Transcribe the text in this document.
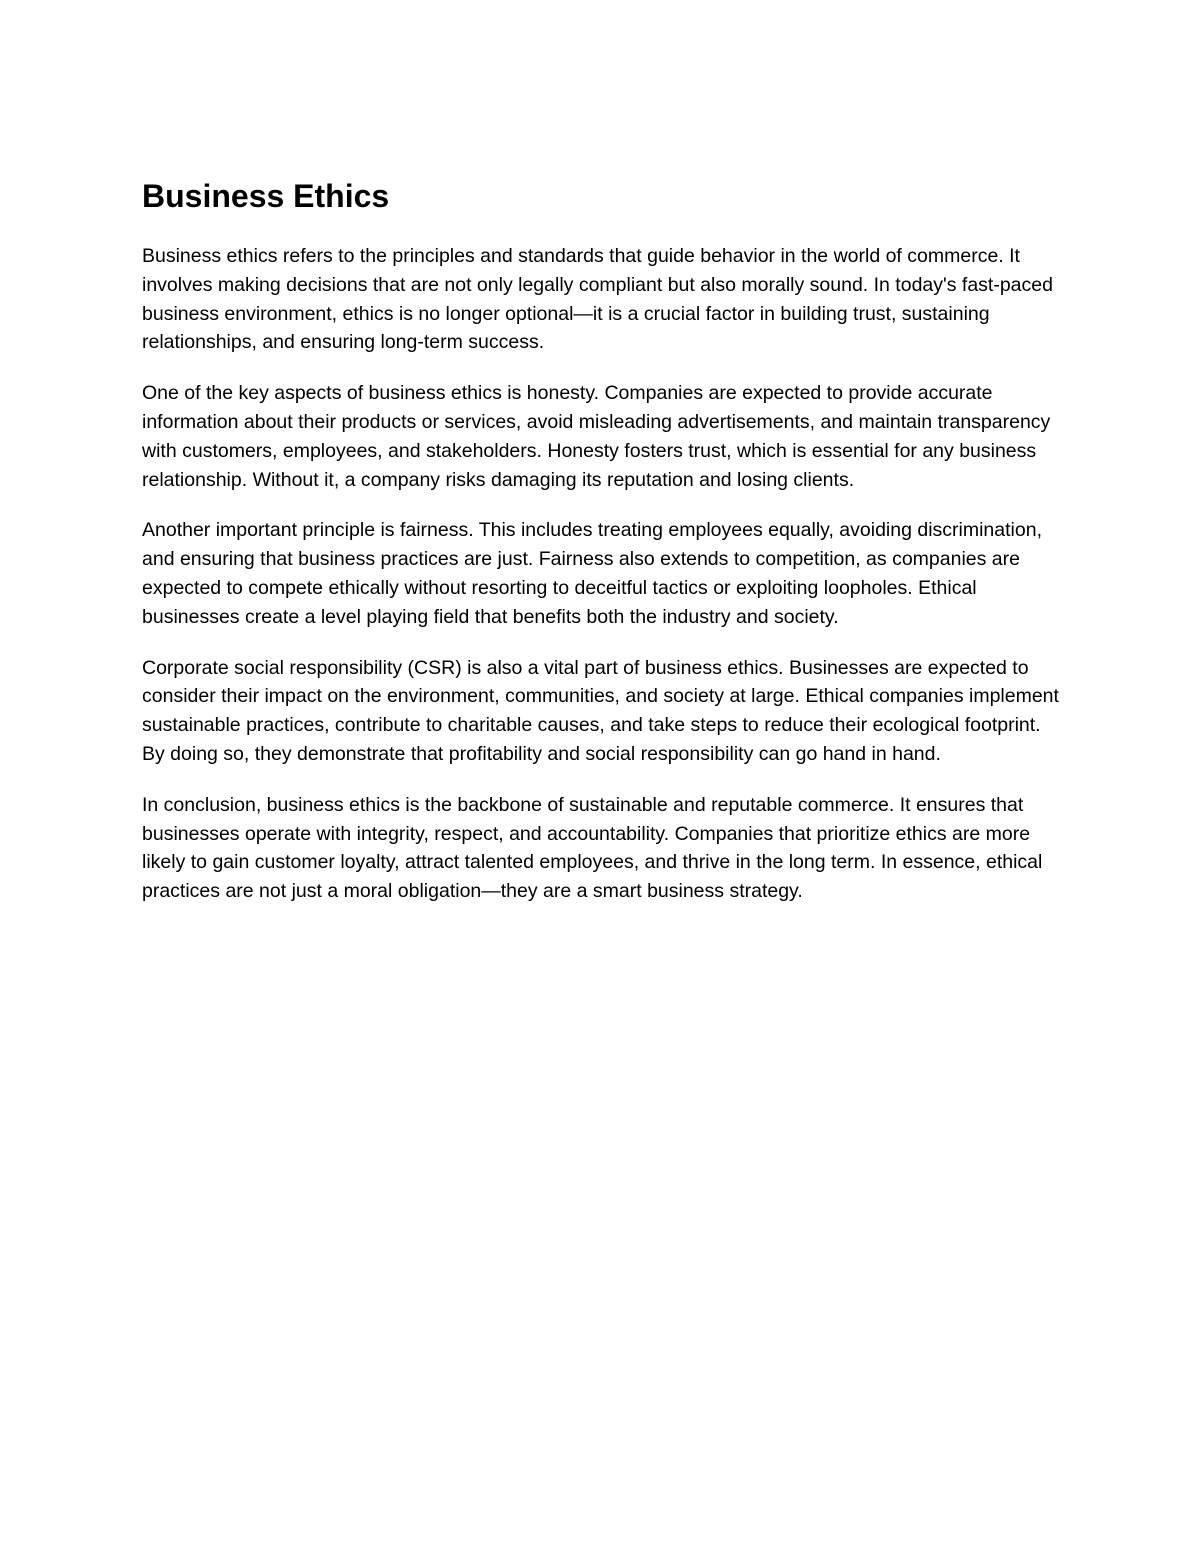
Business Ethics

Business ethics refers to the principles and standards that guide behavior in the world of commerce. It involves making decisions that are not only legally compliant but also morally sound. In today's fast-paced business environment, ethics is no longer optional—it is a crucial factor in building trust, sustaining relationships, and ensuring long-term success.

One of the key aspects of business ethics is honesty. Companies are expected to provide accurate information about their products or services, avoid misleading advertisements, and maintain transparency with customers, employees, and stakeholders. Honesty fosters trust, which is essential for any business relationship. Without it, a company risks damaging its reputation and losing clients.

Another important principle is fairness. This includes treating employees equally, avoiding discrimination, and ensuring that business practices are just. Fairness also extends to competition, as companies are expected to compete ethically without resorting to deceitful tactics or exploiting loopholes. Ethical businesses create a level playing field that benefits both the industry and society.

Corporate social responsibility (CSR) is also a vital part of business ethics. Businesses are expected to consider their impact on the environment, communities, and society at large. Ethical companies implement sustainable practices, contribute to charitable causes, and take steps to reduce their ecological footprint. By doing so, they demonstrate that profitability and social responsibility can go hand in hand.

In conclusion, business ethics is the backbone of sustainable and reputable commerce. It ensures that businesses operate with integrity, respect, and accountability. Companies that prioritize ethics are more likely to gain customer loyalty, attract talented employees, and thrive in the long term. In essence, ethical practices are not just a moral obligation—they are a smart business strategy.
